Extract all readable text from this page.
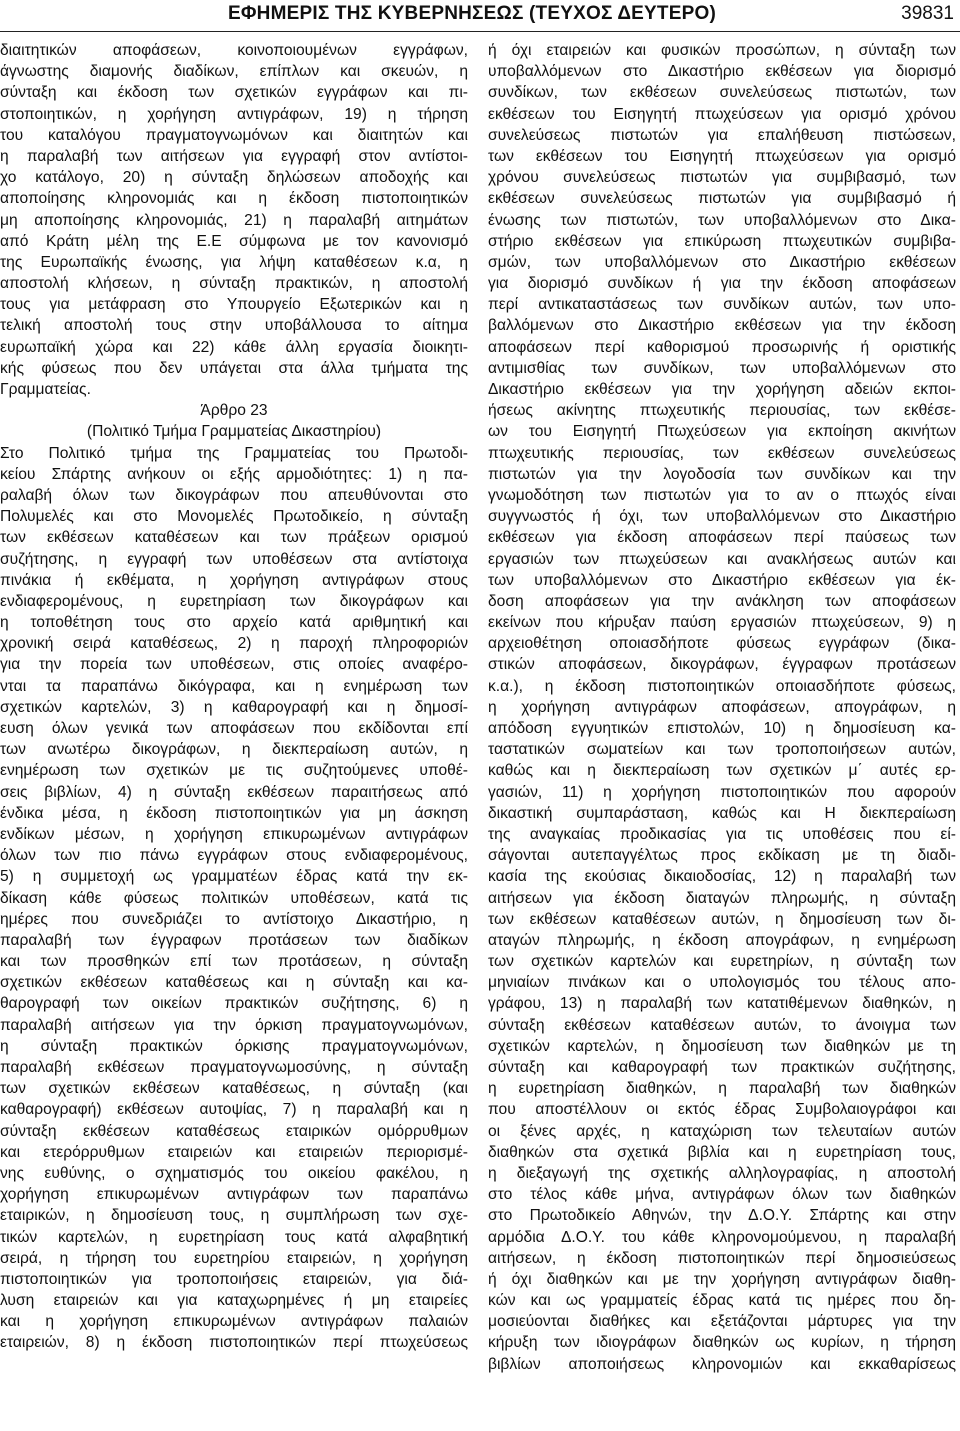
ΕΦΗΜΕΡΙΣ ΤΗΣ ΚΥΒΕΡΝΗΣΕΩΣ (ΤΕΥΧΟΣ ΔΕΥΤΕΡΟ)	39831
διαιτητικών αποφάσεων, κοινοποιουμένων εγγράφων,
άγνωστης διαμονής διαδίκων, επίπλων και σκευών, η
σύνταξη και έκδοση των σχετικών εγγράφων και πι-
στοποιητικών, η χορήγηση αντιγράφων, 19) η τήρηση
του καταλόγου πραγματογνωμόνων και διαιτητών και
η παραλαβή των αιτήσεων για εγγραφή στον αντίστοι-
χο κατάλογο, 20) η σύνταξη δηλώσεων αποδοχής και
αποποίησης κληρονομιάς και η έκδοση πιστοποιητικών
μη αποποίησης κληρονομιάς, 21) η παραλαβή αιτημάτων
από Κράτη μέλη της Ε.Ε σύμφωνα με τον κανονισμό
της Ευρωπαϊκής ένωσης, για λήψη καταθέσεων κ.α, η
αποστολή κλήσεων, η σύνταξη πρακτικών, η αποστολή
τους για μετάφραση στο Υπουργείο Εξωτερικών και η
τελική αποστολή τους στην υποβάλλουσα το αίτημα
ευρωπαϊκή χώρα και 22) κάθε άλλη εργασία διοικητι-
κής φύσεως που δεν υπάγεται στα άλλα τμήματα της
Γραμματείας.
Άρθρο 23
(Πολιτικό Τμήμα Γραμματείας Δικαστηρίου)
Στο Πολιτικό τμήμα της Γραμματείας του Πρωτοδι-
κείου Σπάρτης ανήκουν οι εξής αρμοδιότητες: 1) η πα-
ραλαβή όλων των δικογράφων που απευθύνονται στο
Πολυμελές και στο Μονομελές Πρωτοδικείο, η σύνταξη
των εκθέσεων καταθέσεων και των πράξεων ορισμού
συζήτησης, η εγγραφή των υποθέσεων στα αντίστοιχα
πινάκια ή εκθέματα, η χορήγηση αντιγράφων στους
ενδιαφερομένους, η ευρετηρίαση των δικογράφων και
η τοποθέτηση τους στο αρχείο κατά αριθμητική και
χρονική σειρά καταθέσεως, 2) η παροχή πληροφοριών
για την πορεία των υποθέσεων, στις οποίες αναφέρο-
νται τα παραπάνω δικόγραφα, και η ενημέρωση των
σχετικών καρτελών, 3) η καθαρογραφή και η δημοσί-
ευση όλων γενικά των αποφάσεων που εκδίδονται επί
των ανωτέρω δικογράφων, η διεκπεραίωση αυτών, η
ενημέρωση των σχετικών με τις συζητούμενες υποθέ-
σεις βιβλίων, 4) η σύνταξη εκθέσεων παραιτήσεως από
ένδικα μέσα, η έκδοση πιστοποιητικών για μη άσκηση
ενδίκων μέσων, η χορήγηση επικυρωμένων αντιγράφων
όλων των πιο πάνω εγγράφων στους ενδιαφερομένους,
5) η συμμετοχή ως γραμματέων έδρας κατά την εκ-
δίκαση κάθε φύσεως πολιτικών υποθέσεων, κατά τις
ημέρες που συνεδριάζει το αντίστοιχο Δικαστήριο, η
παραλαβή των έγγραφων προτάσεων των διαδίκων
και των προσθηκών επί των προτάσεων, η σύνταξη
σχετικών εκθέσεων καταθέσεως και η σύνταξη και κα-
θαρογραφή των οικείων πρακτικών συζήτησης, 6) η
παραλαβή αιτήσεων για την όρκιση πραγματογνωμόνων,
η σύνταξη πρακτικών όρκισης πραγματογνωμόνων,
παραλαβή εκθέσεων πραγματογνωμοσύνης, η σύνταξη
των σχετικών εκθέσεων καταθέσεως, η σύνταξη (και
καθαρογραφή) εκθέσεων αυτοψίας, 7) η παραλαβή και η
σύνταξη εκθέσεων καταθέσεως εταιρικών ομόρρυθμων
και ετερόρρυθμων εταιρειών και εταιρειών περιορισμέ-
νης ευθύνης, ο σχηματισμός του οικείου φακέλου, η
χορήγηση επικυρωμένων αντιγράφων των παραπάνω
εταιρικών, η δημοσίευση τους, η συμπλήρωση των σχε-
τικών καρτελών, η ευρετηρίαση τους κατά αλφαβητική
σειρά, η τήρηση του ευρετηρίου εταιρειών, η χορήγηση
πιστοποιητικών για τροποποιήσεις εταιρειών, για διά-
λυση εταιρειών και για καταχωρημένες ή μη εταιρείες
και η χορήγηση επικυρωμένων αντιγράφων παλαιών
εταιρειών, 8) η έκδοση πιστοποιητικών περί πτωχεύσεως
ή όχι εταιρειών και φυσικών προσώπων, η σύνταξη των
υποβαλλόμενων στο Δικαστήριο εκθέσεων για διορισμό
συνδίκων, των εκθέσεων συνελεύσεως πιστωτών, των
εκθέσεων του Εισηγητή πτωχεύσεων για ορισμό χρόνου
συνελεύσεως πιστωτών για επαλήθευση πιστώσεων,
των εκθέσεων του Εισηγητή πτωχεύσεων για ορισμό
χρόνου συνελεύσεως πιστωτών για συμβιβασμό, των
εκθέσεων συνελεύσεως πιστωτών για συμβιβασμό ή
ένωσης των πιστωτών, των υποβαλλόμενων στο Δικα-
στήριο εκθέσεων για επικύρωση πτωχευτικών συμβιβα-
σμών, των υποβαλλόμενων στο Δικαστήριο εκθέσεων
για διορισμό συνδίκων ή για την έκδοση αποφάσεων
περί αντικαταστάσεως των συνδίκων αυτών, των υπο-
βαλλόμενων στο Δικαστήριο εκθέσεων για την έκδοση
αποφάσεων περί καθορισμού προσωρινής ή οριστικής
αντιμισθίας των συνδίκων, των υποβαλλόμενων στο
Δικαστήριο εκθέσεων για την χορήγηση αδειών εκποι-
ήσεως ακίνητης πτωχευτικής περιουσίας, των εκθέσε-
ων του Εισηγητή Πτωχεύσεων για εκποίηση ακινήτων
πτωχευτικής περιουσίας, των εκθέσεων συνελεύσεως
πιστωτών για την λογοδοσία των συνδίκων και την
γνωμοδότηση των πιστωτών για το αν ο πτωχός είναι
συγγνωστός ή όχι, των υποβαλλόμενων στο Δικαστήριο
εκθέσεων για έκδοση αποφάσεων περί παύσεως των
εργασιών των πτωχεύσεων και ανακλήσεως αυτών και
των υποβαλλόμενων στο Δικαστήριο εκθέσεων για έκ-
δοση αποφάσεων για την ανάκληση των αποφάσεων
εκείνων που κήρυξαν παύση εργασιών πτωχεύσεων, 9) η
αρχειοθέτηση οποιασδήποτε φύσεως εγγράφων (δικα-
στικών αποφάσεων, δικογράφων, έγγραφων προτάσεων
κ.α.), η έκδοση πιστοποιητικών οποιασδήποτε φύσεως,
η χορήγηση αντιγράφων αποφάσεων, απογράφων, η
απόδοση εγγυητικών επιστολών, 10) η δημοσίευση κα-
ταστατικών σωματείων και των τροποποιήσεων αυτών,
καθώς και η διεκπεραίωση των σχετικών μ΄ αυτές ερ-
γασιών, 11) η χορήγηση πιστοποιητικών που αφορούν
δικαστική συμπαράσταση, καθώς και Η διεκπεραίωση
της αναγκαίας προδικασίας για τις υποθέσεις που εί-
σάγονται αυτεπαγγέλτως προς εκδίκαση με τη διαδι-
κασία της εκούσιας δικαιοδοσίας, 12) η παραλαβή των
αιτήσεων για έκδοση διαταγών πληρωμής, η σύνταξη
των εκθέσεων καταθέσεων αυτών, η δημοσίευση των δι-
αταγών πληρωμής, η έκδοση απογράφων, η ενημέρωση
των σχετικών καρτελών και ευρετηρίων, η σύνταξη των
μηνιαίων πινάκων και ο υπολογισμός του τέλους απο-
γράφου, 13) η παραλαβή των κατατιθέμενων διαθηκών, η
σύνταξη εκθέσεων καταθέσεων αυτών, το άνοιγμα των
σχετικών καρτελών, η δημοσίευση των διαθηκών με τη
σύνταξη και καθαρογραφή των πρακτικών συζήτησης,
η ευρετηρίαση διαθηκών, η παραλαβή των διαθηκών
που αποστέλλουν οι εκτός έδρας Συμβολαιογράφοι και
οι ξένες αρχές, η καταχώριση των τελευταίων αυτών
διαθηκών στα σχετικά βιβλία και η ευρετηρίαση τους,
η διεξαγωγή της σχετικής αλληλογραφίας, η αποστολή
στο τέλος κάθε μήνα, αντιγράφων όλων των διαθηκών
στο Πρωτοδικείο Αθηνών, την Δ.Ο.Υ. Σπάρτης και στην
αρμόδια Δ.Ο.Υ. του κάθε κληρονομούμενου, η παραλαβή
αιτήσεων, η έκδοση πιστοποιητικών περί δημοσιεύσεως
ή όχι διαθηκών και με την χορήγηση αντιγράφων διαθη-
κών και ως γραμματείς έδρας κατά τις ημέρες που δη-
μοσιεύονται διαθήκες και εξετάζονται μάρτυρες για την
κήρυξη των ιδιογράφων διαθηκών ως κυρίων, η τήρηση
βιβλίων αποποιήσεως κληρονομιών και εκκαθαρίσεως
